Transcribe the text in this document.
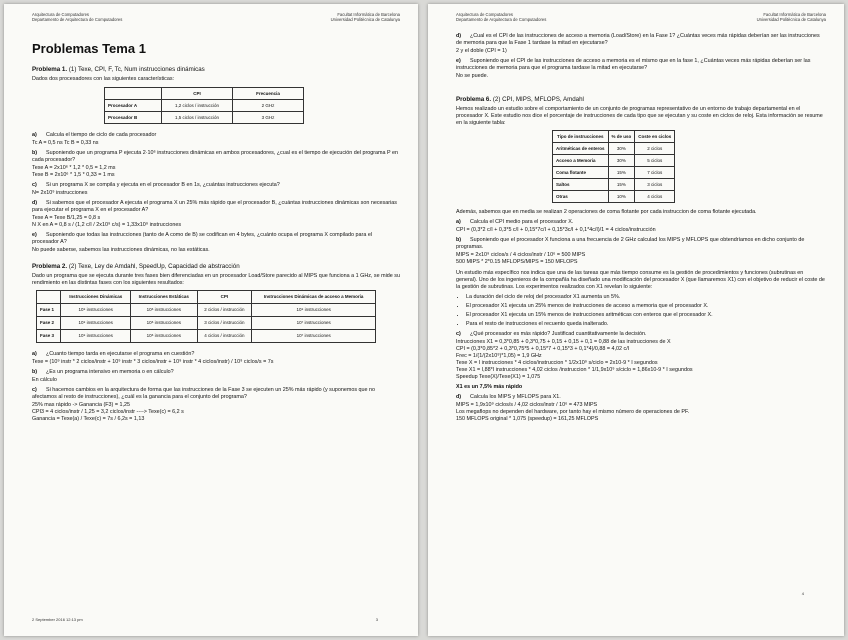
Arquitectura de Computadores
Departamento de Arquitectura de Computadores
Facultat Informàtica de Barcelona
Universidad Politècnica de Catalunya
Problemas Tema 1
Problema 1. (1) Texe, CPI, F, Tc, Num instrucciones dinámicas

Dados dos procesadores con las siguientes características:

	CPI	Frecuencia
Procesador A	1,2 ciclos / instrucción	2 GHz
Procesador B	1,5 ciclos / instrucción	3 GHz
a) Calcula el tiempo de ciclo de cada procesador
Tc A = 0,5 ns Tc B = 0,33 ns
b) Suponiendo que un programa P ejecuta 2·10⁶ instrucciones dinámicas en ambos procesadores, ¿cual es el tiempo de ejecución del programa P en cada procesador?
Texe A = 2x10⁶ * 1,2 * 0,5 = 1,2 ms
Texe B = 2x10⁶ * 1,5 * 0,33 = 1 ms
c) Si un programa X se compila y ejecuta en el procesador B en 1s, ¿cuántas instrucciones ejecuta?
N= 2x10⁹ instrucciones
d) Si sabemos que el procesador A ejecuta el programa X un 25% más rápido que el procesador B, ¿cuántas instrucciones dinámicas son necesarias para ejecutar el programa X en el procesador A?
Texe A = Texe B/1,25 = 0,8 s
N X en A = 0,8 s / (1,2 c/I / 2x10⁹ c/s) = 1,33x10⁹ instrucciones
e) Suponiendo que todas las instrucciones (tanto de A como de B) se codifican en 4 bytes, ¿cuánto ocupa el programa X compilado para el procesador A?
No puede saberse, sabemos las instrucciones dinámicas, no las estáticas.
Problema 2. (2) Texe, Ley de Amdahl, SpeedUp, Capacidad de abstracción

Dado un programa que se ejecuta durante tres fases bien diferenciadas en un procesador Load/Store parecido al MIPS que funciona a 1 GHz, se mide su rendimiento en las distintas fases con los siguientes resultados:

	Instrucciones Dinámicas	Instrucciones Estáticas	CPI	Instrucciones Dinámicas de acceso a Memoria
Fase 1	10⁹ instrucciones	10⁶ instrucciones	2 ciclos / instrucción	10⁹ instrucciones
Fase 2	10⁹ instrucciones	10⁶ instrucciones	3 ciclos / instrucción	10⁷ instrucciones
Fase 3	10⁹ instrucciones	10⁶ instrucciones	4 ciclos / instrucción	10⁷ instrucciones
a) ¿Cuanto tiempo tarda en ejecutarse el programa en cuestión?
Texe = (10⁹ instr * 2 ciclos/instr + 10⁹ instr * 3 ciclos/instr + 10⁹ instr * 4 ciclos/instr) / 10⁹ ciclos/s = 7s
b) ¿Es un programa intensivo en memoria o en cálculo?
En cálculo
c) Si hacemos cambios en la arquitectura de forma que las instrucciones de la Fase 3 se ejecuten un 25% más rápido (y suponemos que no afectamos al resto de instrucciones), ¿cuál es la ganancia para el conjunto del programa?
25% mas rápido -> Ganancia (F3) = 1,25
CPI3 = 4 ciclos/instr / 1,25 = 3,2 ciclos/instr ----> Texe(c) = 6,2 s
Ganancia = Texe(a) / Texe(c) = 7s / 6,2s = 1,13
2 September 2016 12:13 pm	3
Arquitectura de Computadores
Departamento de Arquitectura de Computadores
Facultat Informàtica de Barcelona
Universidad Politècnica de Catalunya
d) ¿Cual es el CPI de las instrucciones de acceso a memoria (Load/Store) en la Fase 1? ¿Cuántas veces más rápidas deberían ser las instrucciones de memoria para que la Fase 1 tardase la mitad en ejecutarse?
2 y el doble (CPI = 1)
e) Suponiendo que el CPI de las instrucciones de acceso a memoria es el mismo que en la fase 1, ¿Cuántas veces más rápidas deberían ser las instrucciones de memoria para que el programa tardase la mitad en ejecutarse?
No se puede.
Problema 6. (2) CPI, MIPS, MFLOPS, Amdahl

Hemos realizado un estudio sobre el comportamiento de un conjunto de programas representativo de un entorno de trabajo departamental en el procesador X. Este estudio nos dice el porcentaje de instrucciones de cada tipo que se ejecutan y su coste en ciclos de reloj. Esta información se resume en la siguiente tabla:

Tipo de instrucciones	% de uso	Coste en ciclos
Aritméticas de enteros	30%	2 ciclos
Acceso a Memoria	30%	5 ciclos
Coma flotante	15%	7 ciclos
Saltos	15%	3 ciclos
Otras	10%	4 ciclos

Además, sabemos que en media se realizan 2 operaciones de coma flotante por cada instruccion de coma flotante ejecutada.

a) Calcula el CPI medio para el procesador X.
CPI = (0,3*2 c/I + 0,3*5 c/I + 0,15*7c/I + 0,15*3c/I + 0,1*4c/I)/1 = 4 ciclos/instrucción
b) Suponiendo que el procesador X funciona a una frecuencia de 2 GHz calculad los MIPS y MFLOPS que obtendríamos en dicho conjunto de programas.
MIPS = 2x10⁹ ciclos/s / 4 ciclos/instr / 10⁶ = 500 MIPS
500 MIPS * 2*0.15 MFLOPS/MIPS = 150 MFLOPS

Un estudio más específico nos indica que una de las tareas que más tiempo consume es la gestión de procedimientos y funciones (subrutinas en general). Uno de los ingenieros de la compañía ha diseñado una modificación del procesador X (que llamaremos X1) con el objetivo de reducir el coste de la gestión de subrutinas. Los experimentos realizados con X1 revelan lo siguiente:

• La duración del ciclo de reloj del procesador X1 aumenta un 5%.
• El procesador X1 ejecuta un 25% menos de instrucciones de acceso a memoria que el procesador X.
• El procesador X1 ejecuta un 15% menos de instrucciones aritméticas con enteros que el procesador X.
• Para el resto de instrucciones el recuento queda inalterado.
c) ¿Qué procesador es más rápido? Justificad cuantitativamente la decisión.
Intrucciones X1 = 0,3*0,85 + 0,3*0,75 + 0,15 + 0,15 + 0,1 = 0,88 de las instrucciones de X
CPI = (0,3*0,85*2 + 0,3*0,75*5 + 0,15*7 + 0,15*3 + 0,1*4)/0,88 = 4,02 c/I
Frec = 1/(1/(2x10⁹)*1,05) = 1,9 GHz
Texe X = I instrucciones * 4 ciclos/instruccion * 1/2x10⁹ s/ciclo = 2x10-9 * I segundos
Texe X1 = I,88*I instrucciones * 4,02 ciclos /instruccion * 1/1,9x10⁹ s/ciclo = 1,86x10-9 * I segundos
Speedup Texe(X)/Texe(X1) = 1,075
X1 es un 7,5% más rápido
d) Calcula los MIPS y MFLOPS para X1.
MIPS = 1,9x10⁹ ciclos/s / 4,02 ciclos/instr / 10⁶ = 473 MIPS
Los megaflops no dependen del hardware, por tanto hay el mismo número de operaciones de PF.
150 MFLOPS original * 1,075 (speedup) = 161,25 MFLOPS
4
